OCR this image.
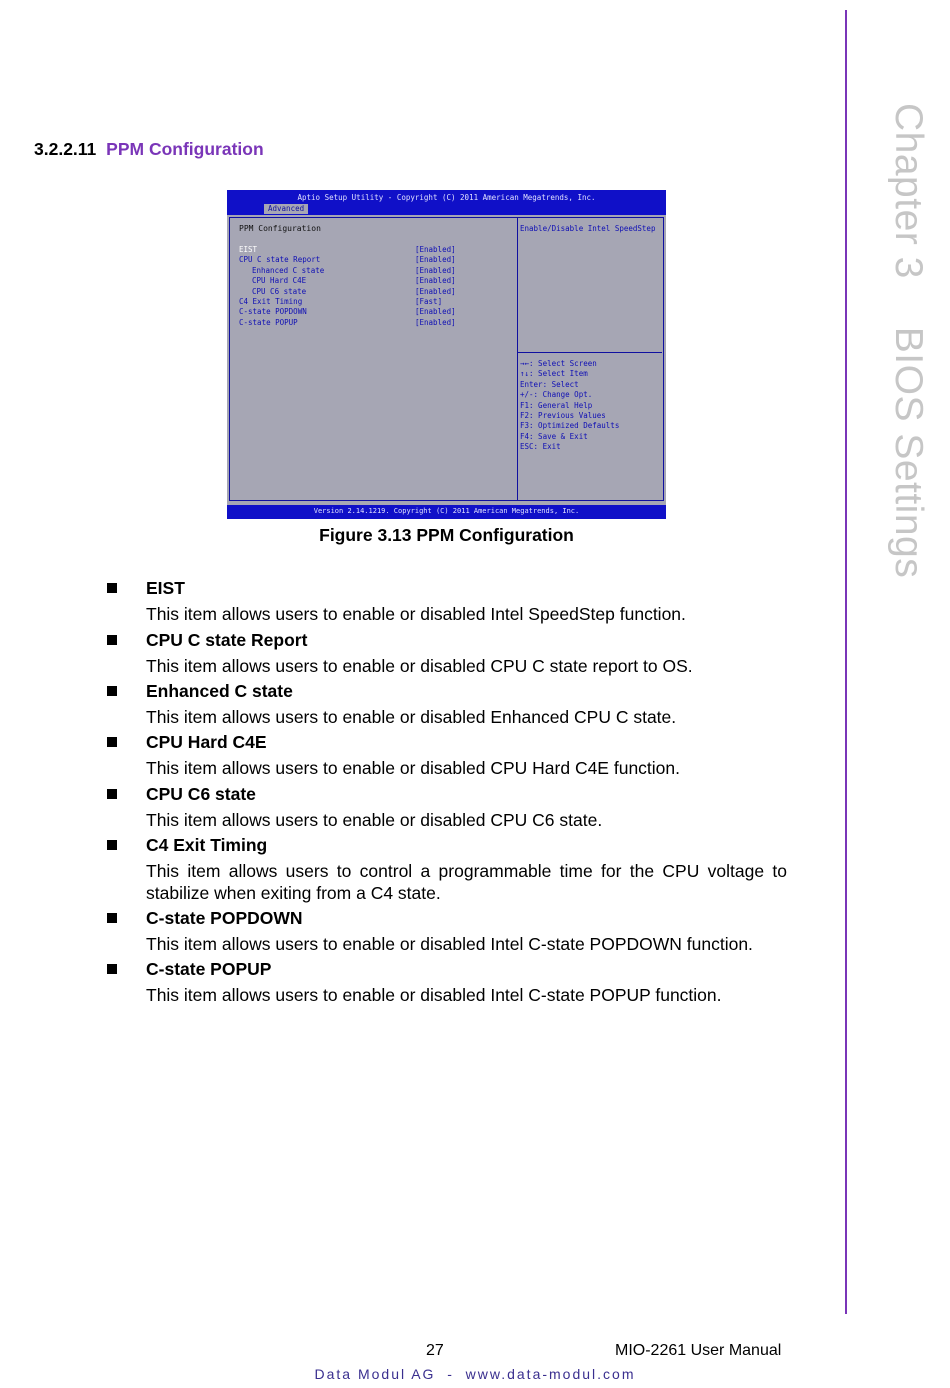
Chapter 3BIOS Settings
3.2.2.11 PPM Configuration
Aptio Setup Utility - Copyright (C) 2011 American Megatrends, Inc.
Advanced
PPM Configuration
EIST	[Enabled]
CPU C state Report	[Enabled]
Enhanced C state	[Enabled]
CPU Hard C4E	[Enabled]
CPU C6 state	[Enabled]
C4 Exit Timing	[Fast]
C-state POPDOWN	[Enabled]
C-state POPUP	[Enabled]
Enable/Disable Intel SpeedStep
→←: Select Screen
↑↓: Select Item
Enter: Select
+/-: Change Opt.
F1: General Help
F2: Previous Values
F3: Optimized Defaults
F4: Save & Exit
ESC: Exit
Version 2.14.1219. Copyright (C) 2011 American Megatrends, Inc.
Figure 3.13 PPM Configuration
EIST
This item allows users to enable or disabled Intel SpeedStep function.
CPU C state Report
This item allows users to enable or disabled CPU C state report to OS.
Enhanced C state
This item allows users to enable or disabled Enhanced CPU C state.
CPU Hard C4E
This item allows users to enable or disabled CPU Hard C4E function.
CPU C6 state
This item allows users to enable or disabled CPU C6 state.
C4 Exit Timing
This item allows users to control a programmable time for the CPU voltage to stabilize when exiting from a C4 state.
C-state POPDOWN
This item allows users to enable or disabled Intel C-state POPDOWN function.
C-state POPUP
This item allows users to enable or disabled Intel C-state POPUP function.
27	MIO-2261 User Manual
Data Modul AG  -  www.data-modul.com
